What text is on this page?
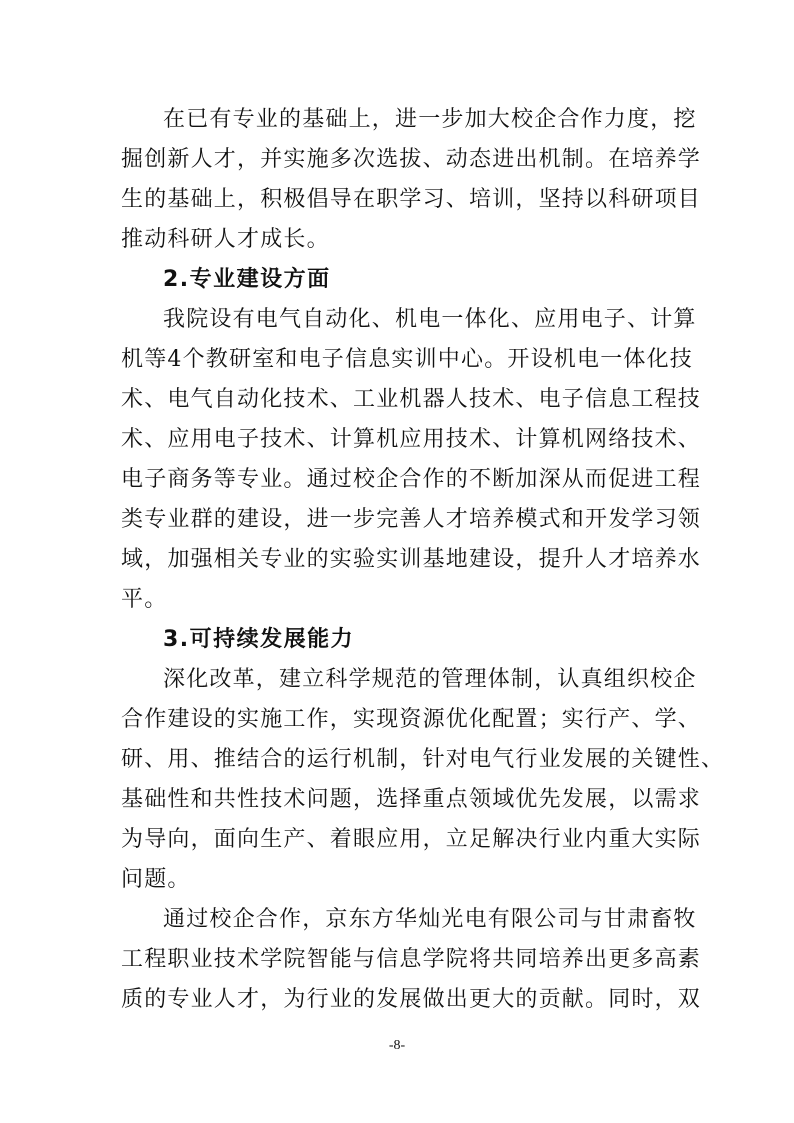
在已有专业的基础上，进一步加大校企合作力度，挖
掘创新人才，并实施多次选拔、动态进出机制。在培养学
生的基础上，积极倡导在职学习、培训，坚持以科研项目
推动科研人才成长。
2.专业建设方面
我院设有电气自动化、机电一体化、应用电子、计算
机等4个教研室和电子信息实训中心。开设机电一体化技
术、电气自动化技术、工业机器人技术、电子信息工程技
术、应用电子技术、计算机应用技术、计算机网络技术、
电子商务等专业。通过校企合作的不断加深从而促进工程
类专业群的建设，进一步完善人才培养模式和开发学习领
域，加强相关专业的实验实训基地建设，提升人才培养水
平。
3.可持续发展能力
深化改革，建立科学规范的管理体制，认真组织校企
合作建设的实施工作，实现资源优化配置；实行产、学、
研、用、推结合的运行机制，针对电气行业发展的关键性、
基础性和共性技术问题，选择重点领域优先发展，以需求
为导向，面向生产、着眼应用，立足解决行业内重大实际
问题。
通过校企合作，京东方华灿光电有限公司与甘肃畜牧
工程职业技术学院智能与信息学院将共同培养出更多高素
质的专业人才，为行业的发展做出更大的贡献。同时，双
-8-
